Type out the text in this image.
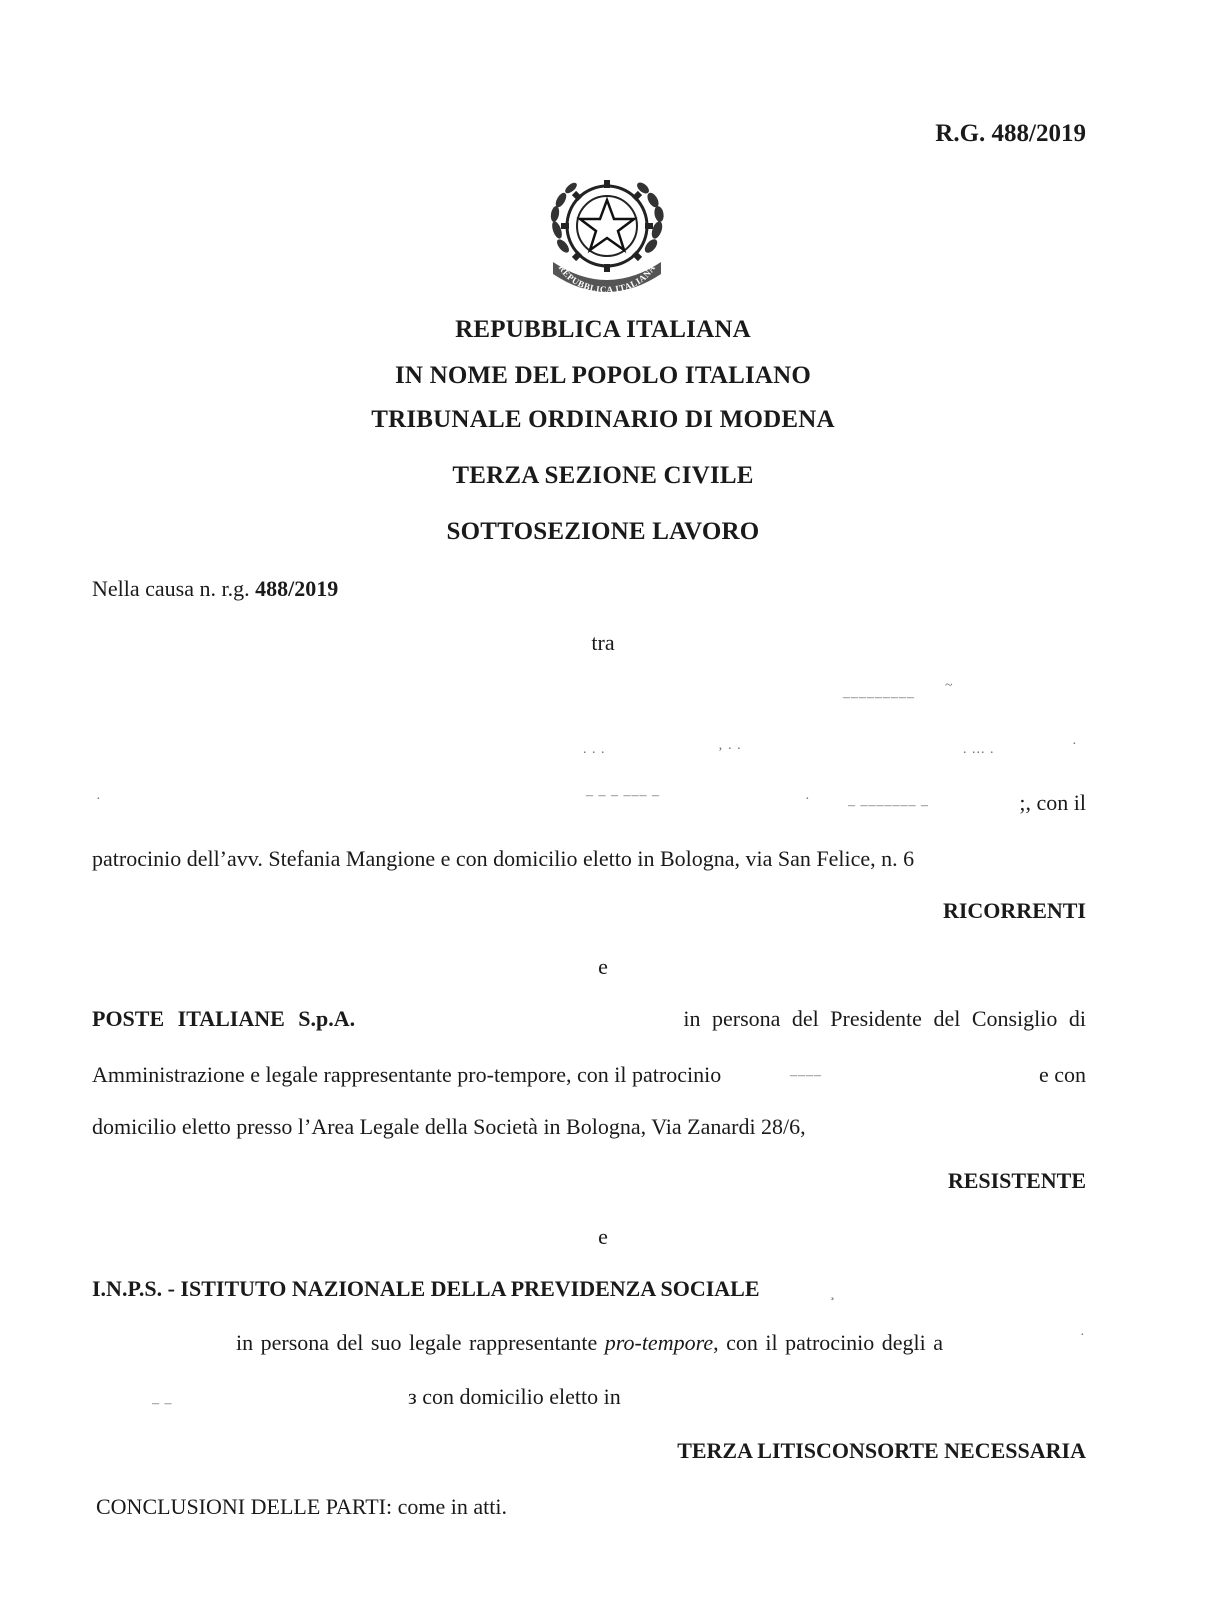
R.G. 488/2019

REPUBBLICA ITALIANA

REPUBBLICA ITALIANA

IN NOME DEL POPOLO ITALIANO

TRIBUNALE ORDINARIO DI MODENA

TERZA SEZIONE CIVILE

SOTTOSEZIONE LAVORO

Nella causa n. r.g. 488/2019

tra

‒‒‒‒‒‒‒‒‒
~
. . .	‚ . .	. ... .	·
·	‒ ‒ ‒ ‒‒‒ ‒	·	‒ ‒‒‒‒‒‒‒ ‒	;, con il

patrocinio dell’avv. Stefania Mangione e con domicilio eletto in Bologna, via San Felice, n. 6

RICORRENTI

e

POSTE ITALIANE S.p.A.	in persona del Presidente del Consiglio di

Amministrazione e legale rappresentante pro-tempore, con il patrocinio	‒‒‒‒	e con

domicilio eletto presso l’Area Legale della Società in Bologna, Via Zanardi 28/6,

RESISTENTE

e

I.N.P.S. - ISTITUTO NAZIONALE DELLA PREVIDENZA SOCIALE	¸

in persona del suo legale rappresentante pro-tempore, con il patrocinio degli a	·
‒ ‒	з con domicilio eletto in

TERZA LITISCONSORTE NECESSARIA

CONCLUSIONI DELLE PARTI: come in atti.
